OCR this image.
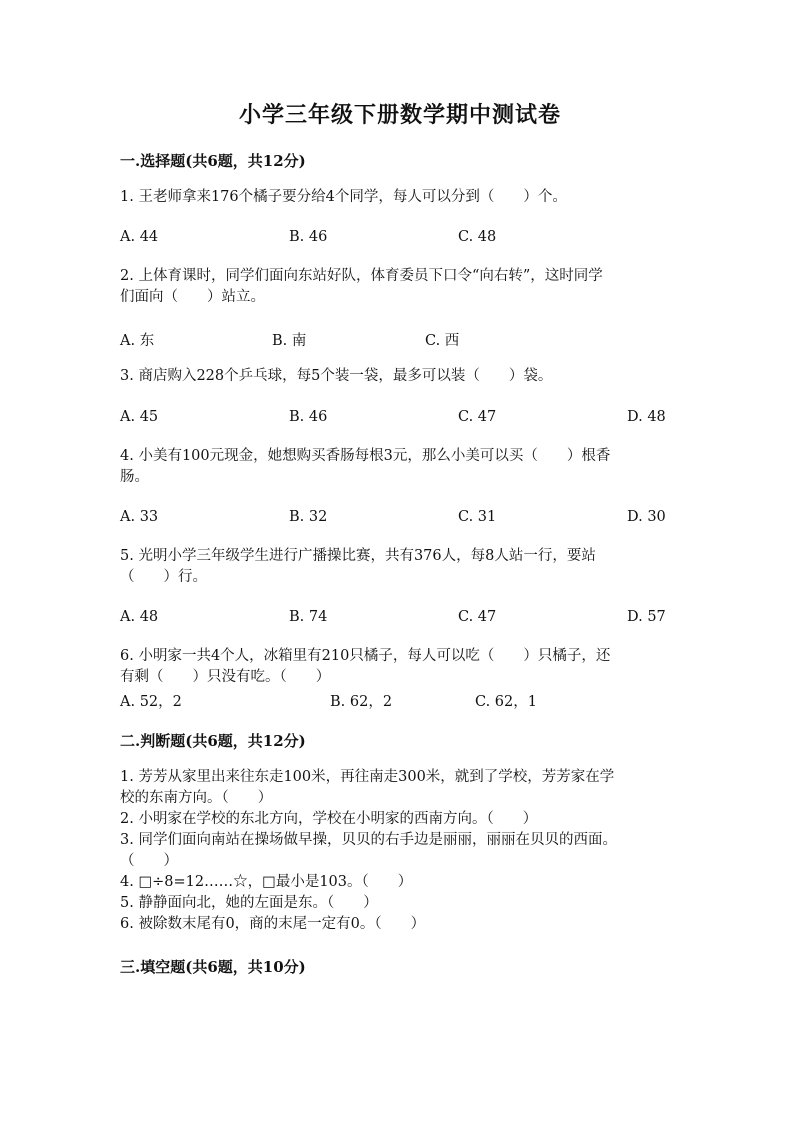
小学三年级下册数学期中测试卷
一.选择题(共6题，共12分)
1. 王老师拿来176个橘子要分给4个同学，每人可以分到（　　）个。
A. 44	B. 46	C. 48
2. 上体育课时，同学们面向东站好队，体育委员下口令“向右转”，这时同学
们面向（　　）站立。
A. 东	B. 南	C. 西
3. 商店购入228个乒乓球，每5个装一袋，最多可以装（　　）袋。
A. 45	B. 46	C. 47	D. 48
4. 小美有100元现金，她想购买香肠每根3元，那么小美可以买（　　）根香
肠。
A. 33	B. 32	C. 31	D. 30
5. 光明小学三年级学生进行广播操比赛，共有376人，每8人站一行，要站
（　　）行。
A. 48	B. 74	C. 47	D. 57
6. 小明家一共4个人，冰箱里有210只橘子，每人可以吃（　　）只橘子，还
有剩（　　）只没有吃。（　　）
A. 52，2	B. 62，2	C. 62，1
二.判断题(共6题，共12分)
1. 芳芳从家里出来往东走100米，再往南走300米，就到了学校，芳芳家在学
校的东南方向。（　　）
2. 小明家在学校的东北方向，学校在小明家的西南方向。（　　）
3. 同学们面向南站在操场做早操，贝贝的右手边是丽丽，丽丽在贝贝的西面。
（　　）
4. □÷8=12……☆，□最小是103。（　　）
5. 静静面向北，她的左面是东。（　　）
6. 被除数末尾有0，商的末尾一定有0。（　　）
三.填空题(共6题，共10分)
